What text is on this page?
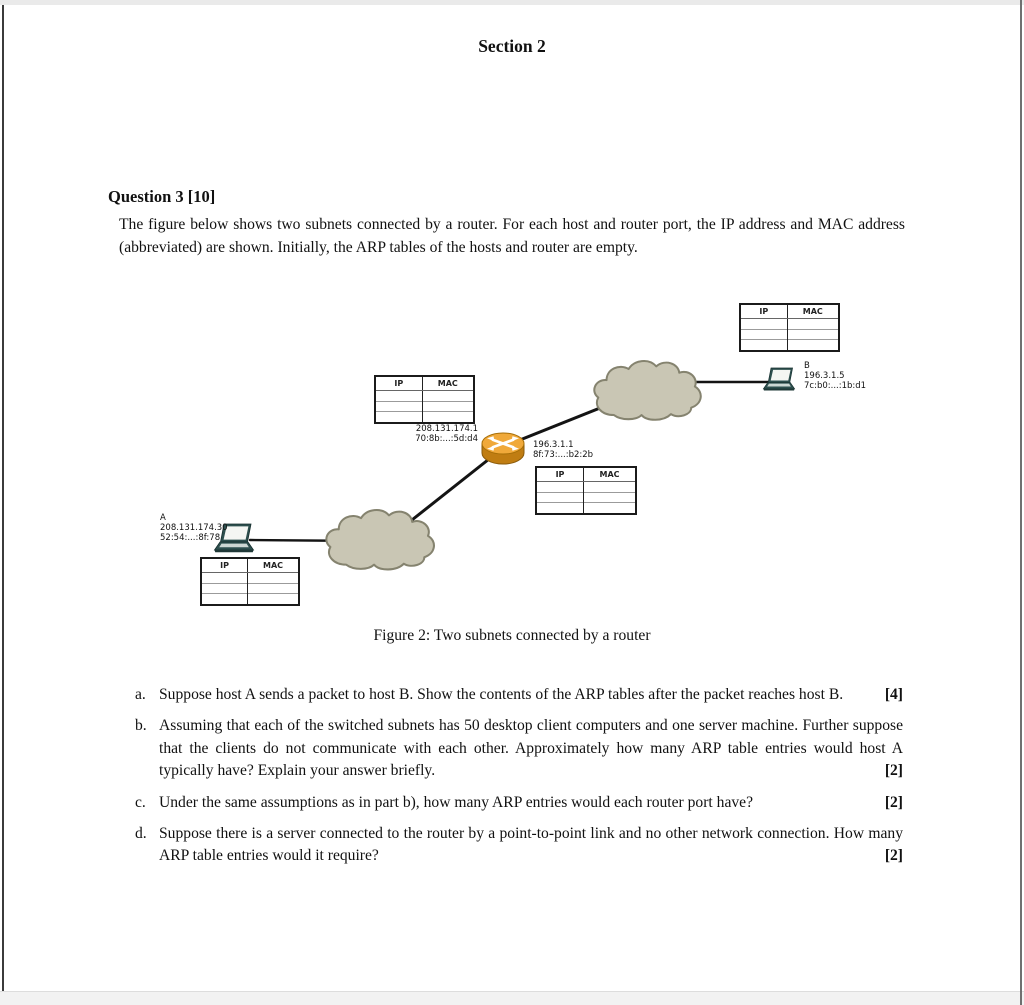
Section 2
Question 3 [10]
The figure below shows two subnets connected by a router. For each host and router port, the IP address and MAC address (abbreviated) are shown. Initially, the ARP tables of the hosts and router are empty.
IP	MAC

IP	MAC

IP	MAC

IP	MAC

A
208.131.174.30
52:54:...:8f:78
B
196.3.1.5
7c:b0:...:1b:d1
208.131.174.1
70:8b:...:5d:d4
196.3.1.1
8f:73:...:b2:2b
Figure 2: Two subnets connected by a router
a. Suppose host A sends a packet to host B. Show the contents of the ARP tables after the packet reaches host B.	[4]
b. Assuming that each of the switched subnets has 50 desktop client computers and one server machine. Further suppose that the clients do not communicate with each other. Approximately how many ARP table entries would host A typically have? Explain your answer briefly.	[2]
c. Under the same assumptions as in part b), how many ARP entries would each router port have?	[2]
d. Suppose there is a server connected to the router by a point-to-point link and no other network connection. How many ARP table entries would it require?	[2]
